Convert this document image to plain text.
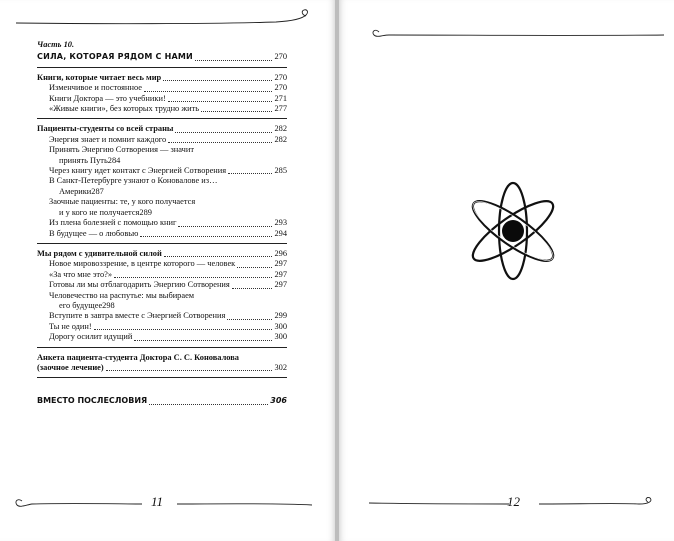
Часть 10.
СИЛА, КОТОРАЯ РЯДОМ С НАМИ	270
Книги, которые читает весь мир	270
Изменчивое и постоянное	270
Книги Доктора — это учебники!	271
«Живые книги», без которых трудно жить	277
Пациенты-студенты со всей страны	282
Энергия знает и помнит каждого	282
Принять Энергию Сотворения — значит
принять Путь 284
Через книгу идет контакт с Энергией Сотворения	285
В Санкт-Петербурге узнают о Коновалове из…
Америки 287
Заочные пациенты: те, у кого получается
и у кого не получается 289
Из плена болезней с помощью книг	293
В будущее — о любовью	294
Мы рядом с удивительной силой	296
Новое мировоззрение, в центре которого — человек	297
«За что мне это?»	297
Готовы ли мы отблагодарить Энергию Сотворения	297
Человечество на распутье: мы выбираем
его будущее 298
Вступите в завтра вместе с Энергией Сотворения	299
Ты не один!	300
Дорогу осилит идущий	300
Анкета пациента-студента Доктора С. С. Коновалова
(заочное лечение)	302
ВМЕСТО ПОСЛЕСЛОВИЯ	306
11	12
